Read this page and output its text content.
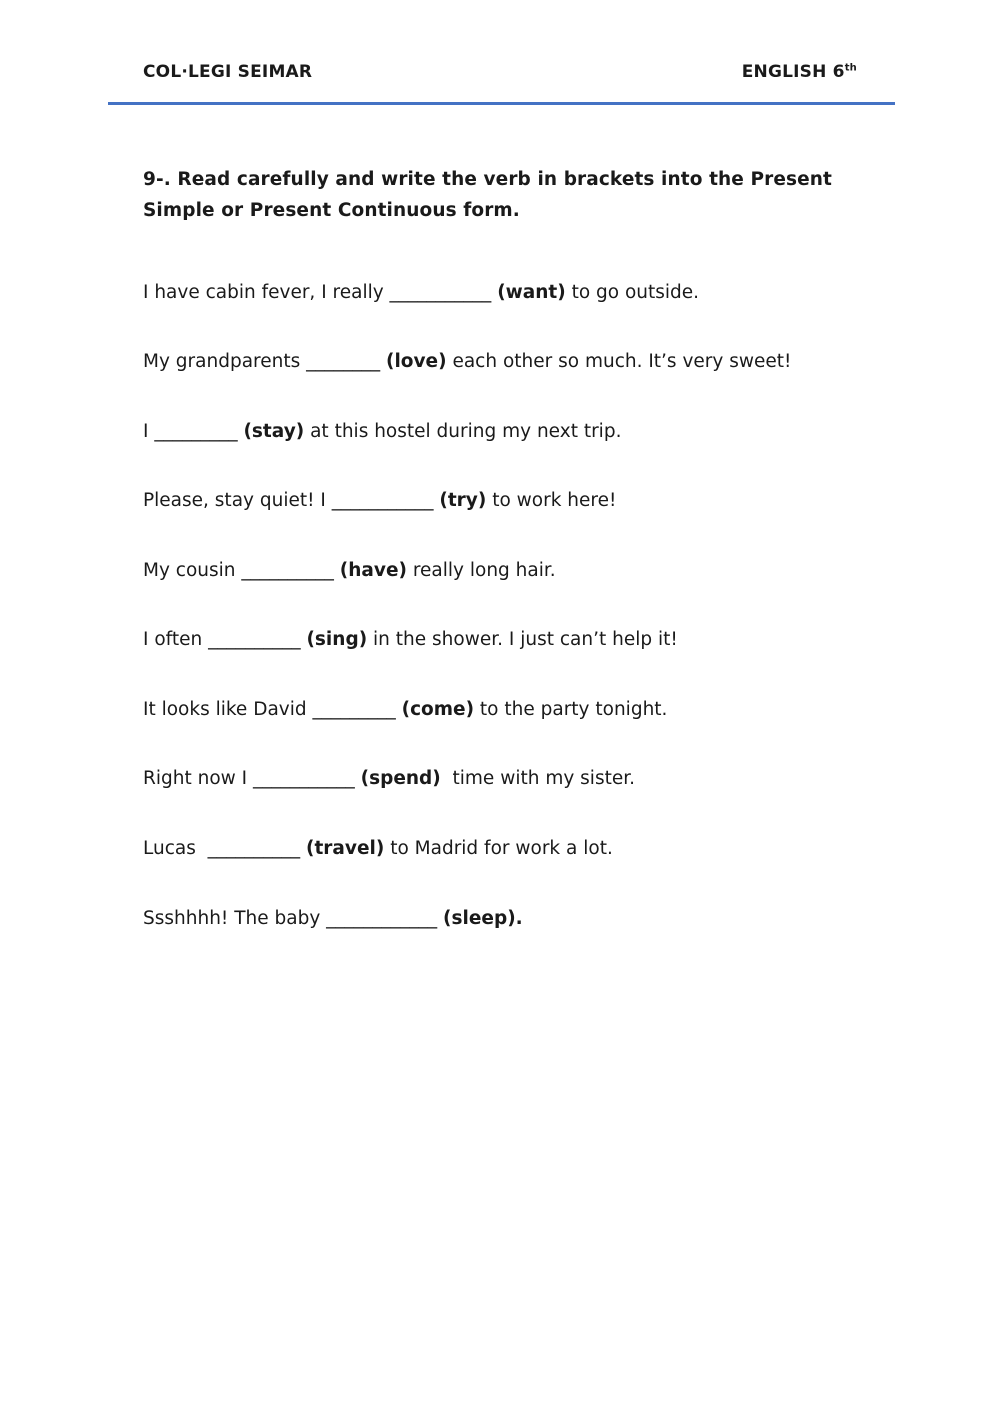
COL·LEGI SEIMAR	ENGLISH 6th
9-. Read carefully and write the verb in brackets into the Present Simple or Present Continuous form.
I have cabin fever, I really ___________ (want) to go outside.
My grandparents ________ (love) each other so much. It’s very sweet!
I _________ (stay) at this hostel during my next trip.
Please, stay quiet! I ___________ (try) to work here!
My cousin __________ (have) really long hair.
I often __________ (sing) in the shower. I just can’t help it!
It looks like David _________ (come) to the party tonight.
Right now I ___________ (spend)  time with my sister.
Lucas  __________ (travel) to Madrid for work a lot.
Ssshhhh! The baby ____________ (sleep).
